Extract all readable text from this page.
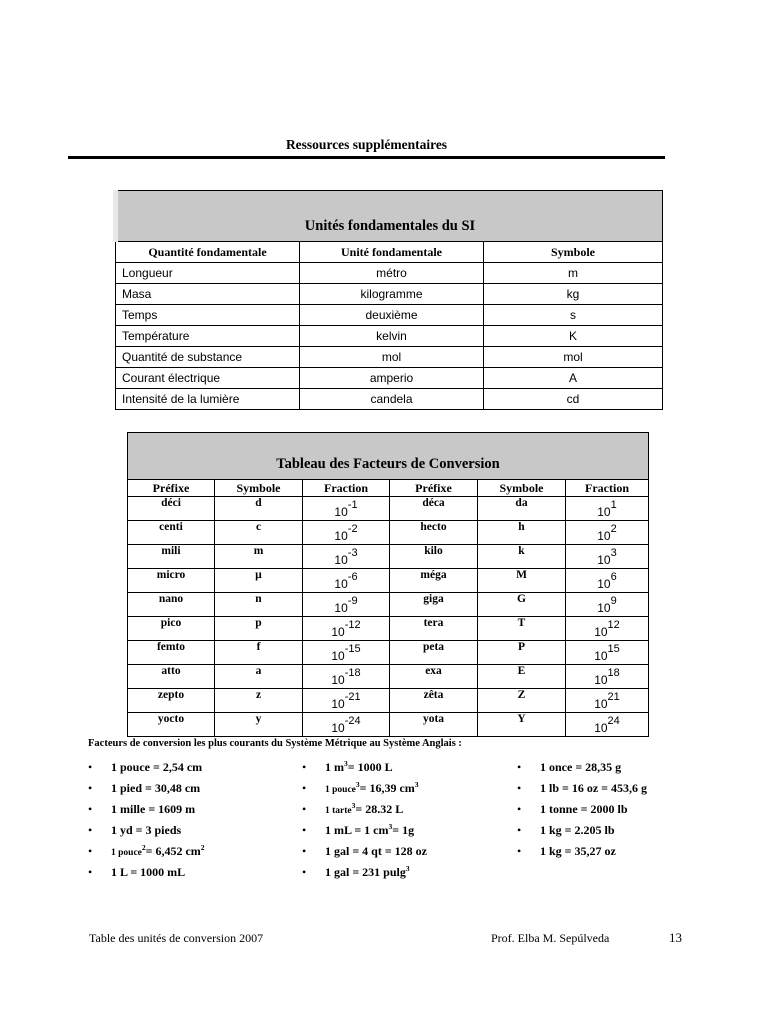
Ressources supplémentaires
Unités fondamentales du SI		
Quantité fondamentale	Unité fondamentale	Symbole
Longueur	métro	m
Masa	kilogramme	kg
Temps	deuxième	s
Température	kelvin	K
Quantité de substance	mol	mol
Courant électrique	amperio	A
Intensité de la lumière	candela	cd
Tableau des Facteurs de Conversion					
Préfixe	Symbole	Fraction	Préfixe	Symbole	Fraction
déci	d	$10^{-1}$	déca	da	$10^1$
centi	c	$10^{-2}$	hecto	h	$10^2$
mili	m	$10^{-3}$	kilo	k	$10^3$
micro	µ	$10^{-6}$	méga	M	$10^6$
nano	n	$10^{-9}$	giga	G	$10^9$
pico	p	$10^{-12}$	tera	T	$10^{12}$
femto	f	$10^{-15}$	peta	P	$10^{15}$
atto	a	$10^{-18}$	exa	E	$10^{18}$
zepto	z	$10^{-21}$	zêta	Z	$10^{21}$
yocto	y	$10^{-24}$	yota	Y	$10^{24}$
Facteurs de conversion les plus courants du Système Métrique au Système Anglais :
• 1 pouce = 2,54 cm
• 1 pied = 30,48 cm
• 1 mille = 1609 m
• 1 yd = 3 pieds
• 1 pouce$^2$= 6,452 $cm^2$
• 1 L = 1000 mL
• 1 $m^3= 1000$ L
• 1 pouce$^3$= 16,39 $cm^3$
• 1 tarte$^3$= 28.32 L
• 1 mL = 1 $cm^3= 1g$
• 1 gal = 4 qt = 128 oz
• 1 gal = 231 pulg$^3$
• 1 once = 28,35 g
• 1 lb = 16 oz = 453,6 g
• 1 tonne = 2000 lb
• 1 kg = 2.205 lb
• 1 kg = 35,27 oz
Table des unités de conversion 2007	Prof. Elba M. Sepúlveda	13
